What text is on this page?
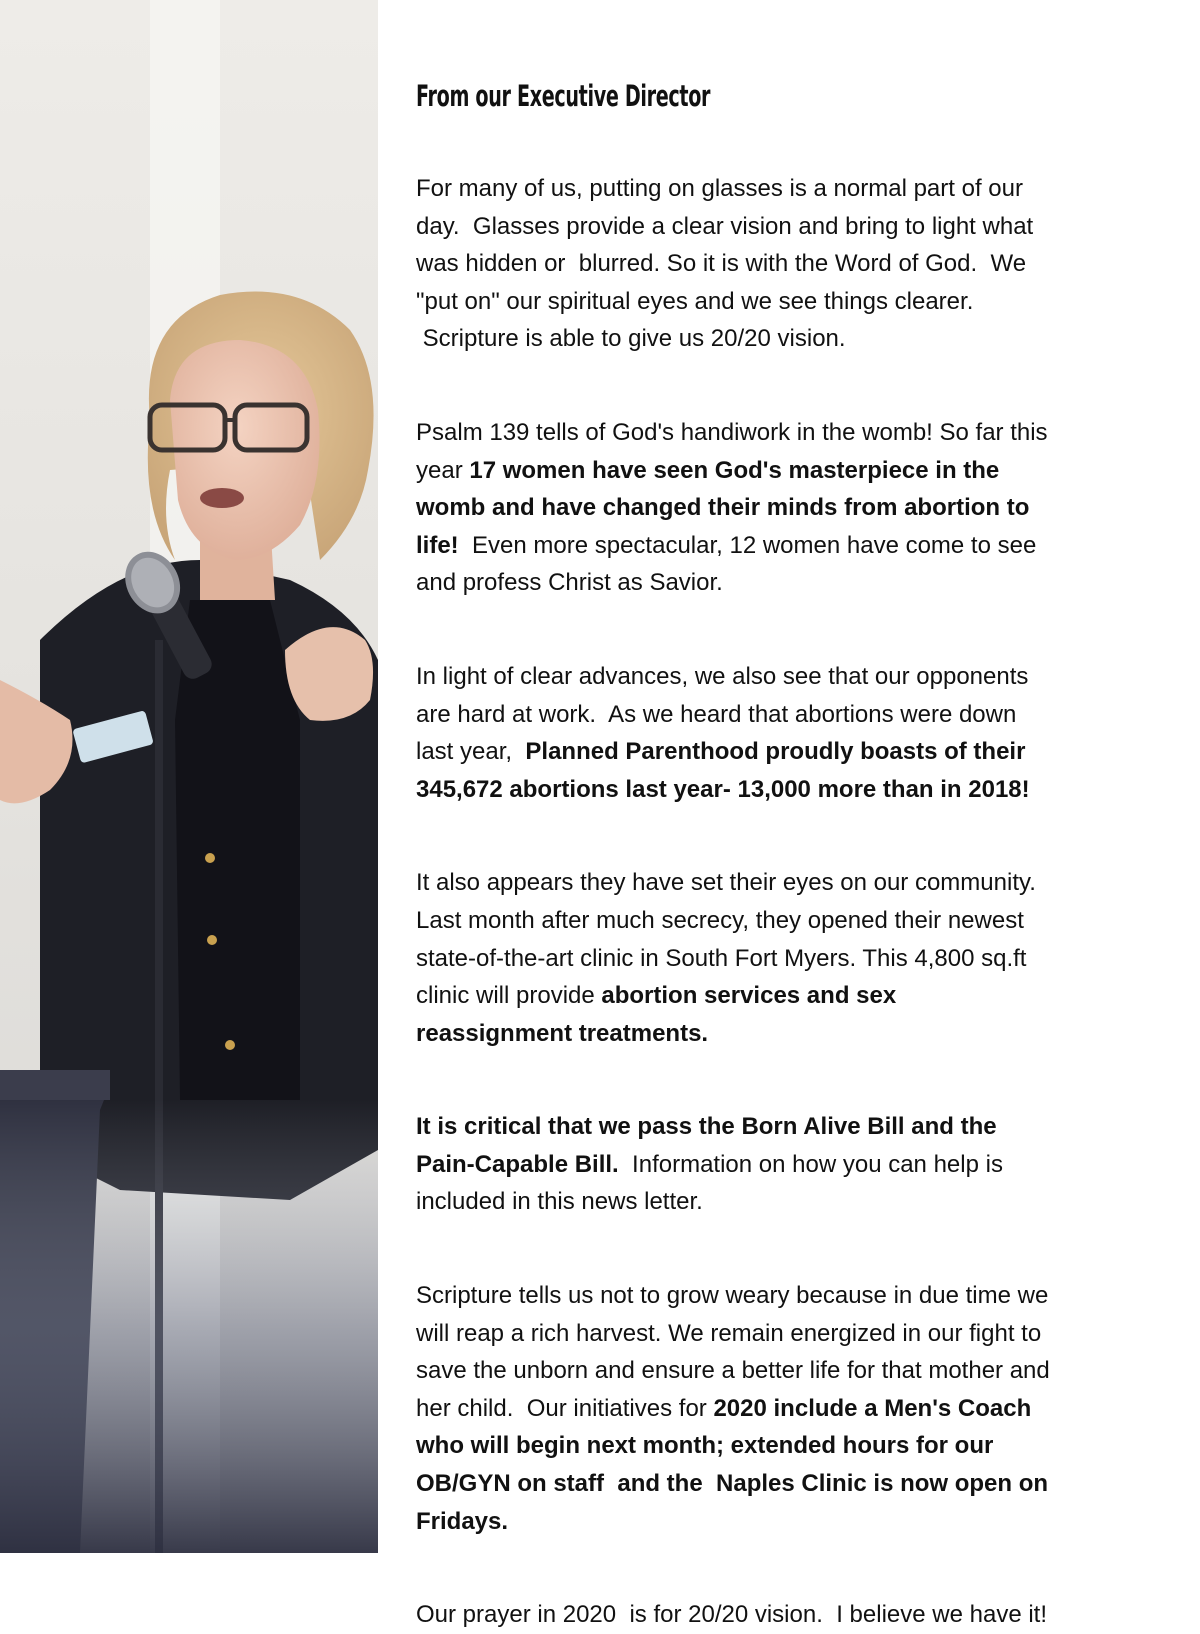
From our Executive Director
For many of us, putting on glasses is a normal part of our
day.  Glasses provide a clear vision and bring to light what
was hidden or  blurred. So it is with the Word of God.  We
"put on" our spiritual eyes and we see things clearer.
Scripture is able to give us 20/20 vision.
Psalm 139 tells of God's handiwork in the womb! So far this
year 17 women have seen God's masterpiece in the
womb and have changed their minds from abortion to
life!  Even more spectacular, 12 women have come to see
and profess Christ as Savior.
In light of clear advances, we also see that our opponents
are hard at work.  As we heard that abortions were down
last year,  Planned Parenthood proudly boasts of their
345,672 abortions last year- 13,000 more than in 2018!
It also appears they have set their eyes on our community.
Last month after much secrecy, they opened their newest
state-of-the-art clinic in South Fort Myers. This 4,800 sq.ft
clinic will provide abortion services and sex
reassignment treatments.
It is critical that we pass the Born Alive Bill and the
Pain-Capable Bill.  Information on how you can help is
included in this news letter.
Scripture tells us not to grow weary because in due time we
will reap a rich harvest. We remain energized in our fight to
save the unborn and ensure a better life for that mother and
her child.  Our initiatives for 2020 include a Men's Coach
who will begin next month; extended hours for our
OB/GYN on staff  and the  Naples Clinic is now open on
Fridays.
Our prayer in 2020  is for 20/20 vision.  I believe we have it!
